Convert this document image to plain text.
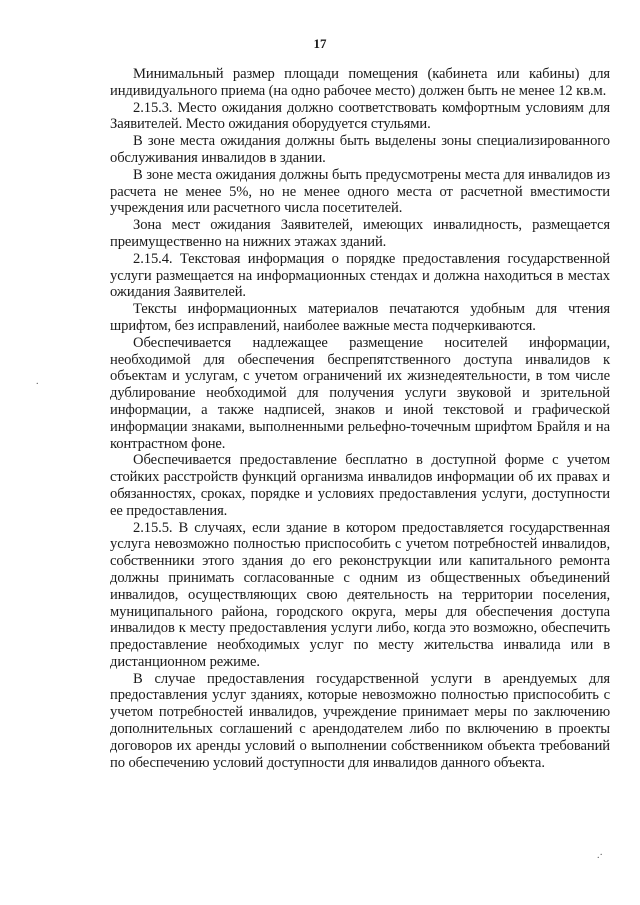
17
.
.·

Минимальный размер площади помещения (кабинета или кабины) для индивидуального приема (на одно рабочее место) должен быть не менее 12 кв.м.

2.15.3. Место ожидания должно соответствовать комфортным условиям для Заявителей. Место ожидания оборудуется стульями.

В зоне места ожидания должны быть выделены зоны специализированного обслуживания инвалидов в здании.

В зоне места ожидания должны быть предусмотрены места для инвалидов из расчета не менее 5%, но не менее одного места от расчетной вместимости учреждения или расчетного числа посетителей.

Зона мест ожидания Заявителей, имеющих инвалидность, размещается преимущественно на нижних этажах зданий.

2.15.4. Текстовая информация о порядке предоставления государственной услуги размещается на информационных стендах и должна находиться в местах ожидания Заявителей.

Тексты информационных материалов печатаются удобным для чтения шрифтом, без исправлений, наиболее важные места подчеркиваются.

Обеспечивается надлежащее размещение носителей информации, необходимой для обеспечения беспрепятственного доступа инвалидов к объектам и услугам, с учетом ограничений их жизнедеятельности, в том числе дублирование необходимой для получения услуги звуковой и зрительной информации, а также надписей, знаков и иной текстовой и графической информации знаками, выполненными рельефно-точечным шрифтом Брайля и на контрастном фоне.

Обеспечивается предоставление бесплатно в доступной форме с учетом стойких расстройств функций организма инвалидов информации об их правах и обязанностях, сроках, порядке и условиях предоставления услуги, доступности ее предоставления.

2.15.5. В случаях, если здание в котором предоставляется государственная услуга невозможно полностью приспособить с учетом потребностей инвалидов, собственники этого здания до его реконструкции или капитального ремонта должны принимать согласованные с одним из общественных объединений инвалидов, осуществляющих свою деятельность на территории поселения, муниципального района, городского округа, меры для обеспечения доступа инвалидов к месту предоставления услуги либо, когда это возможно, обеспечить предоставление необходимых услуг по месту жительства инвалида или в дистанционном режиме.

В случае предоставления государственной услуги в арендуемых для предоставления услуг зданиях, которые невозможно полностью приспособить с учетом потребностей инвалидов, учреждение принимает меры по заключению дополнительных соглашений с арендодателем либо по включению в проекты договоров их аренды условий о выполнении собственником объекта требований по обеспечению условий доступности для инвалидов данного объекта.
